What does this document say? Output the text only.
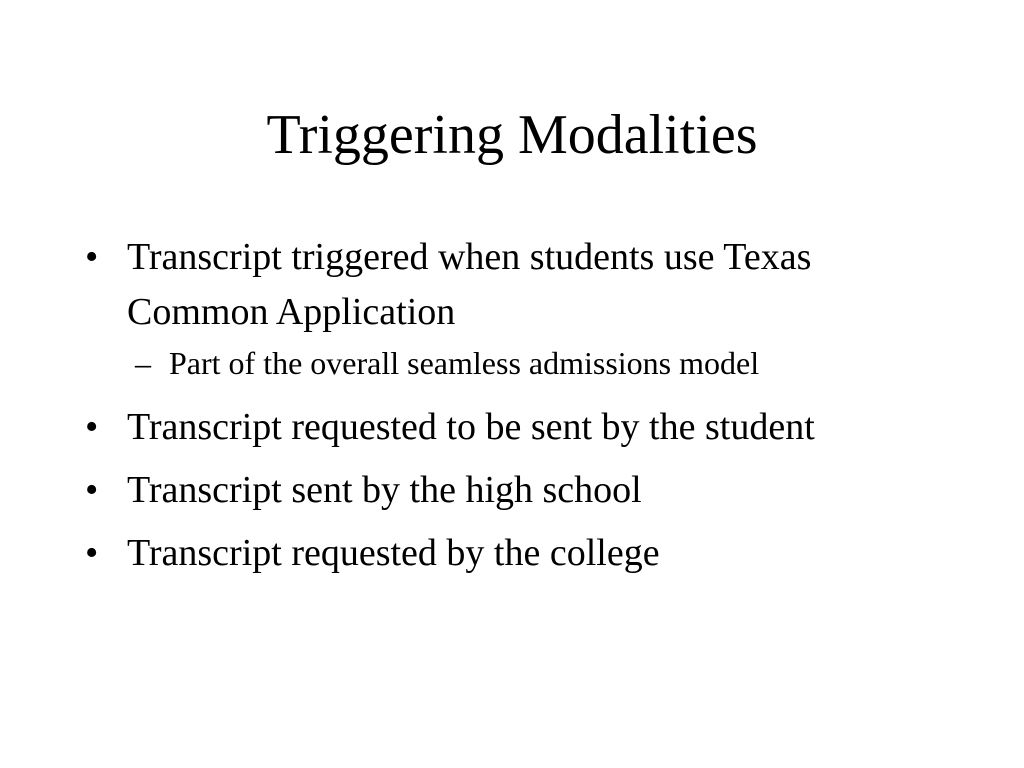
Triggering Modalities
• Transcript triggered when students use Texas Common Application
– Part of the overall seamless admissions model
• Transcript requested to be sent by the student
• Transcript sent by the high school
• Transcript requested by the college
